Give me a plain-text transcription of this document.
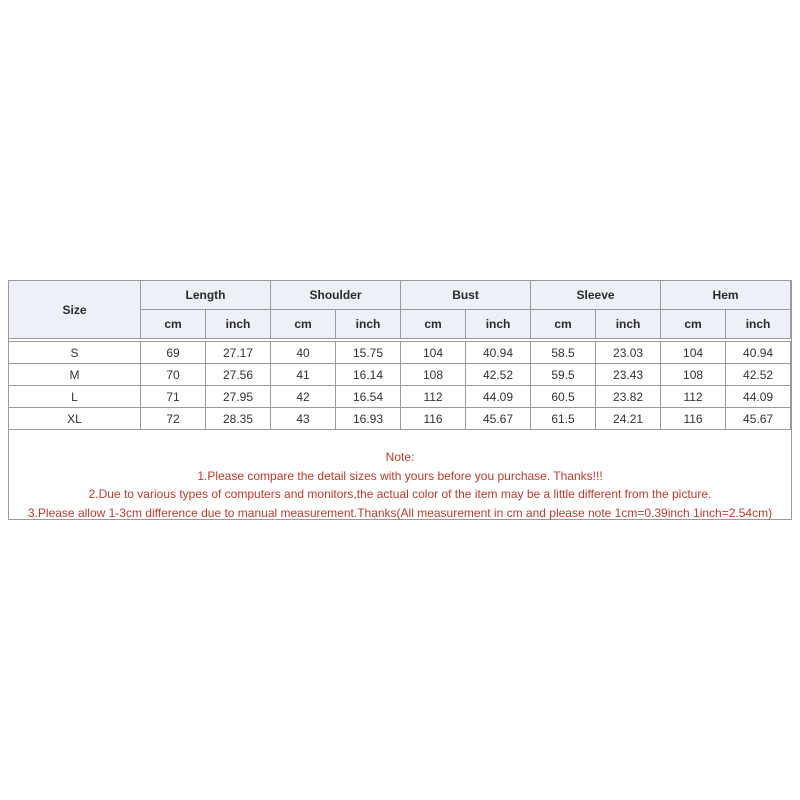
Size	Length		Shoulder		Bust		Sleeve		Hem	
	cm	inch	cm	inch	cm	inch	cm	inch	cm	inch

S	69	27.17	40	15.75	104	40.94	58.5	23.03	104	40.94
M	70	27.56	41	16.14	108	42.52	59.5	23.43	108	42.52
L	71	27.95	42	16.54	112	44.09	60.5	23.82	112	44.09
XL	72	28.35	43	16.93	116	45.67	61.5	24.21	116	45.67
Note:
1.Please compare the detail sizes with yours before you purchase. Thanks!!!
2.Due to various types of computers and monitors,the actual color of the item may be a little different from the picture.
3.Please allow 1-3cm difference due to manual measurement.Thanks(All measurement in cm and please note 1cm=0.39inch 1inch=2.54cm)
